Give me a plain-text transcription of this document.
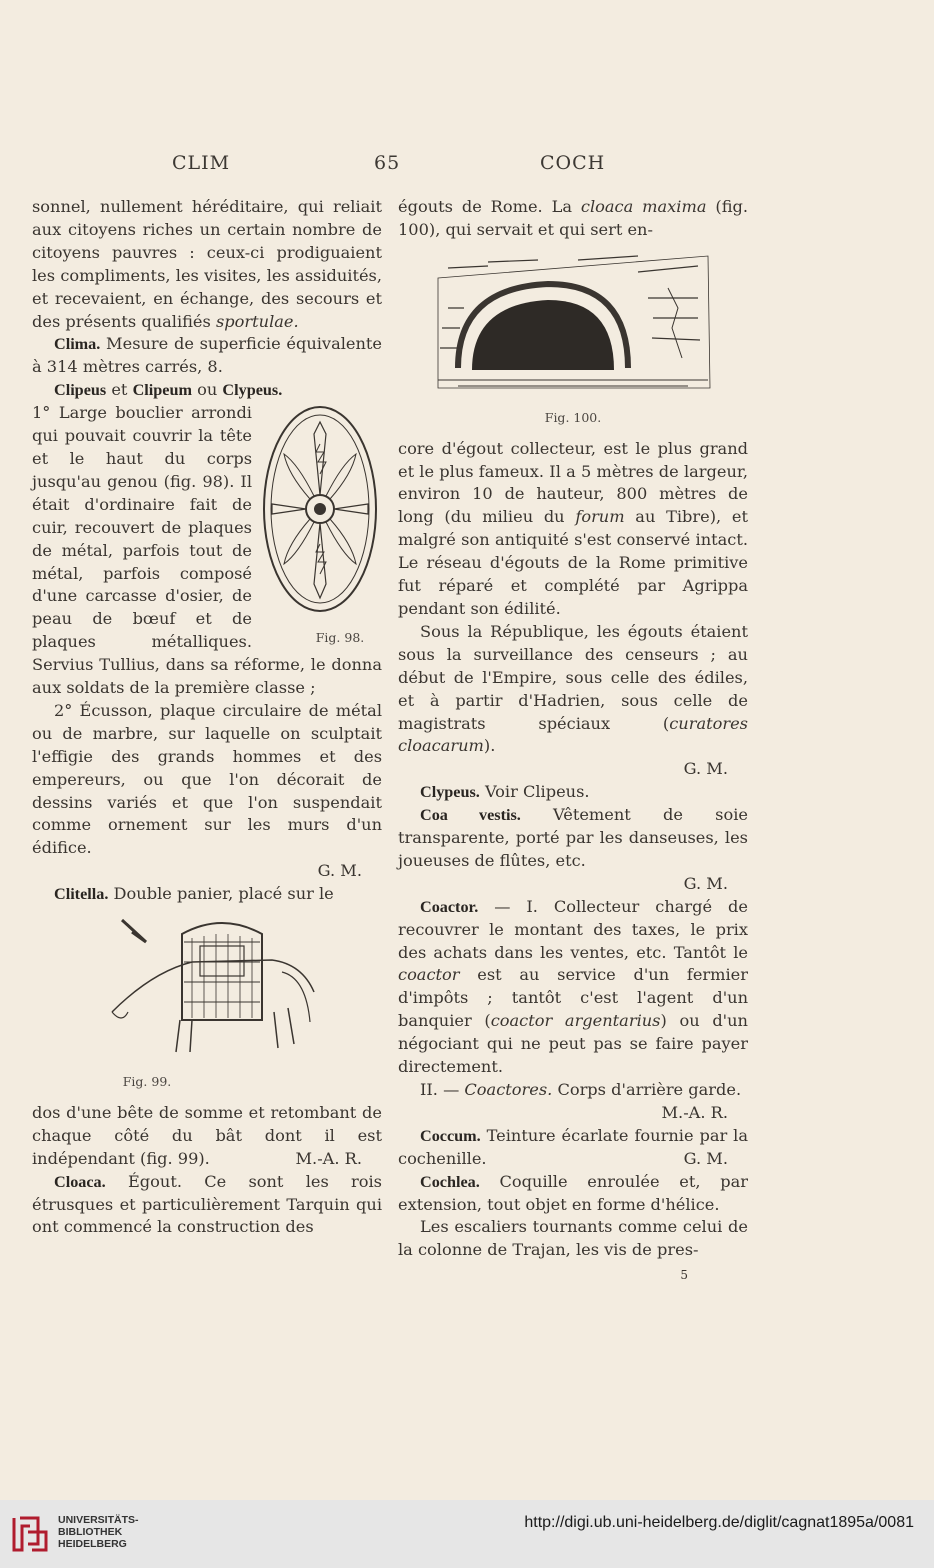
CLIM	65	COCH

sonnel, nullement héréditaire, qui reliait aux citoyens riches un certain nombre de citoyens pauvres : ceux-ci prodiguaient les compliments, les visites, les assiduités, et recevaient, en échange, des secours et des présents qualifiés sportulae.

Clima. Mesure de superficie équivalente à 314 mètres carrés, 8.

Clipeus et Clipeum ou Clypeus.

Fig. 98.

1° Large bouclier arrondi qui pouvait couvrir la tête et le haut du corps jusqu'au genou (fig. 98). Il était d'ordinaire fait de cuir, recouvert de plaques de métal, parfois tout de métal, parfois composé d'une carcasse d'osier, de peau de bœuf et de plaques métalliques. Servius Tullius, dans sa réforme, le donna aux soldats de la première classe ;

2° Écusson, plaque circulaire de métal ou de marbre, sur laquelle on sculptait l'effigie des grands hommes et des empereurs, ou que l'on décorait de dessins variés et que l'on suspendait comme ornement sur les murs d'un édifice.

G. M.

Clitella. Double panier, placé sur le

Fig. 99.

dos d'une bête de somme et retombant de chaque côté du bât dont il est indépendant (fig. 99).	M.-A. R.

Cloaca. Égout. Ce sont les rois étrusques et particulièrement Tarquin qui ont commencé la construction des

égouts de Rome. La cloaca maxima (fig. 100), qui servait et qui sert en-

Fig. 100.

core d'égout collecteur, est le plus grand et le plus fameux. Il a 5 mètres de largeur, environ 10 de hauteur, 800 mètres de long (du milieu du forum au Tibre), et malgré son antiquité s'est conservé intact. Le réseau d'égouts de la Rome primitive fut réparé et complété par Agrippa pendant son édilité.

Sous la République, les égouts étaient sous la surveillance des censeurs ; au début de l'Empire, sous celle des édiles, et à partir d'Hadrien, sous celle de magistrats spéciaux (curatores cloacarum).

G. M.

Clypeus. Voir Clipeus.

Coa vestis. Vêtement de soie transparente, porté par les danseuses, les joueuses de flûtes, etc.

G. M.

Coactor. — I. Collecteur chargé de recouvrer le montant des taxes, le prix des achats dans les ventes, etc. Tantôt le coactor est au service d'un fermier d'impôts ; tantôt c'est l'agent d'un banquier (coactor argentarius) ou d'un négociant qui ne peut pas se faire payer directement.

II. — Coactores. Corps d'arrière garde.

M.-A. R.

Coccum. Teinture écarlate fournie par la cochenille.	G. M.

Cochlea. Coquille enroulée et, par extension, tout objet en forme d'hélice.

Les escaliers tournants comme celui de la colonne de Trajan, les vis de pres-

5
UNIVERSITÄTS-
BIBLIOTHEK
HEIDELBERG
http://digi.ub.uni-heidelberg.de/diglit/cagnat1895a/0081
